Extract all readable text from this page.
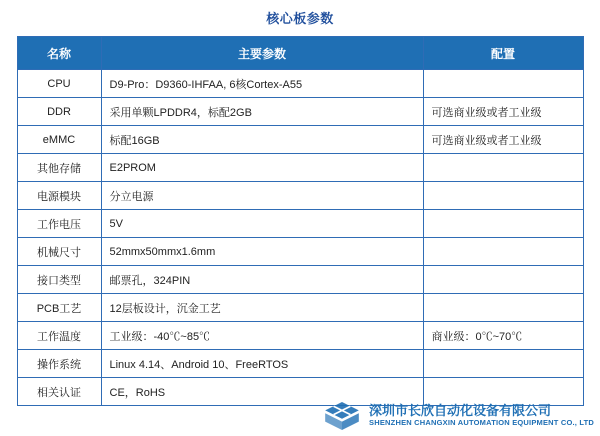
核心板参数
名称	主要参数	配置
CPU	D9-Pro：D9360-IHFAA, 6核Cortex-A55	
DDR	采用单颗LPDDR4，标配2GB	可选商业级或者工业级
eMMC	标配16GB	可选商业级或者工业级
其他存储	E2PROM	
电源模块	分立电源	
工作电压	5V	
机械尺寸	52mmx50mmx1.6mm	
接口类型	邮票孔，324PIN	
PCB工艺	12层板设计，沉金工艺	
工作温度	工业级：-40℃~85℃	商业级：0℃~70℃
操作系统	Linux 4.14、Android 10、FreeRTOS	
相关认证	CE，RoHS	
深圳市长欣自动化设备有限公司
SHENZHEN CHANGXIN AUTOMATION EQUIPMENT CO., LTD
